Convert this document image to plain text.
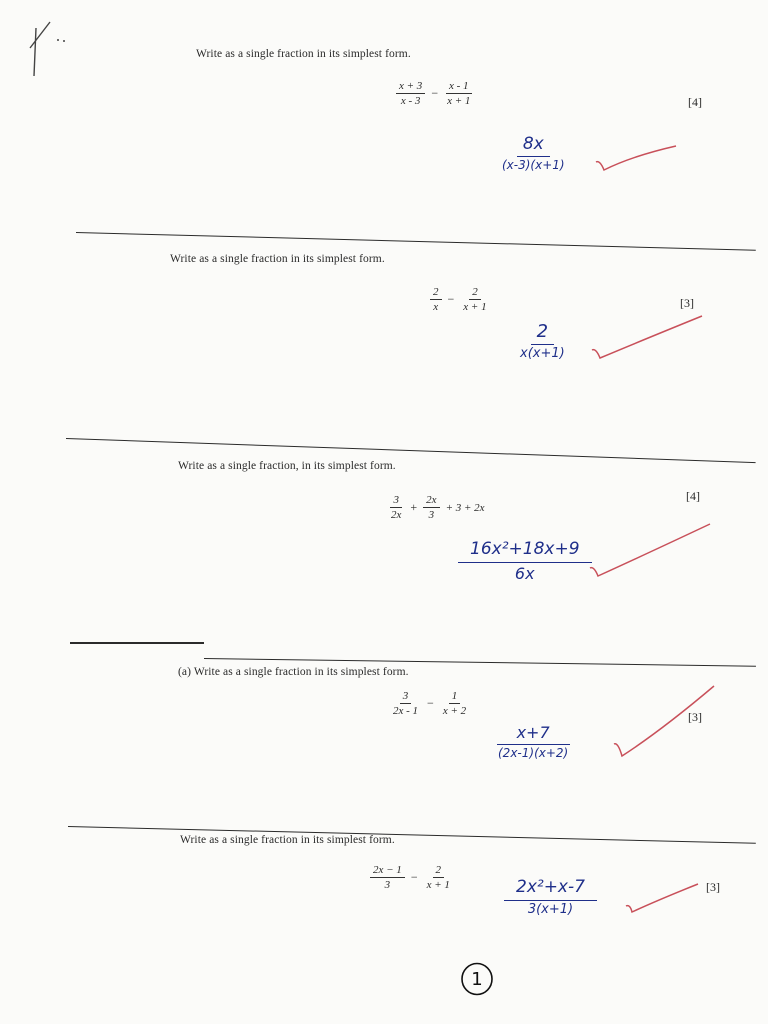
Write as a single fraction in its simplest form.
$\frac{x + 3}{x - 3} - \frac{x - 1}{x + 1}$	[4]
8x
(x-3)(x+1)
Write as a single fraction in its simplest form.
$\frac{2}{x} - \frac{2}{x + 1}$	[3]
2
x(x+1)
Write as a single fraction, in its simplest form.
$\frac{3}{2x} + \frac{2x}{3} + 3 + 2x$
[4]
$\frac{\text{16x²+18x+9}}{6x}$
(a) Write as a single fraction in its simplest form.
$\frac{3}{2x - 1} - \frac{1}{x + 2}$	[3]
x+7
(2x-1)(x+2)
Write as a single fraction in its simplest form.
$\frac{2x - 1}{3} - \frac{2}{x + 1}$	[3]
2x²+x-7
3(x+1)
1
